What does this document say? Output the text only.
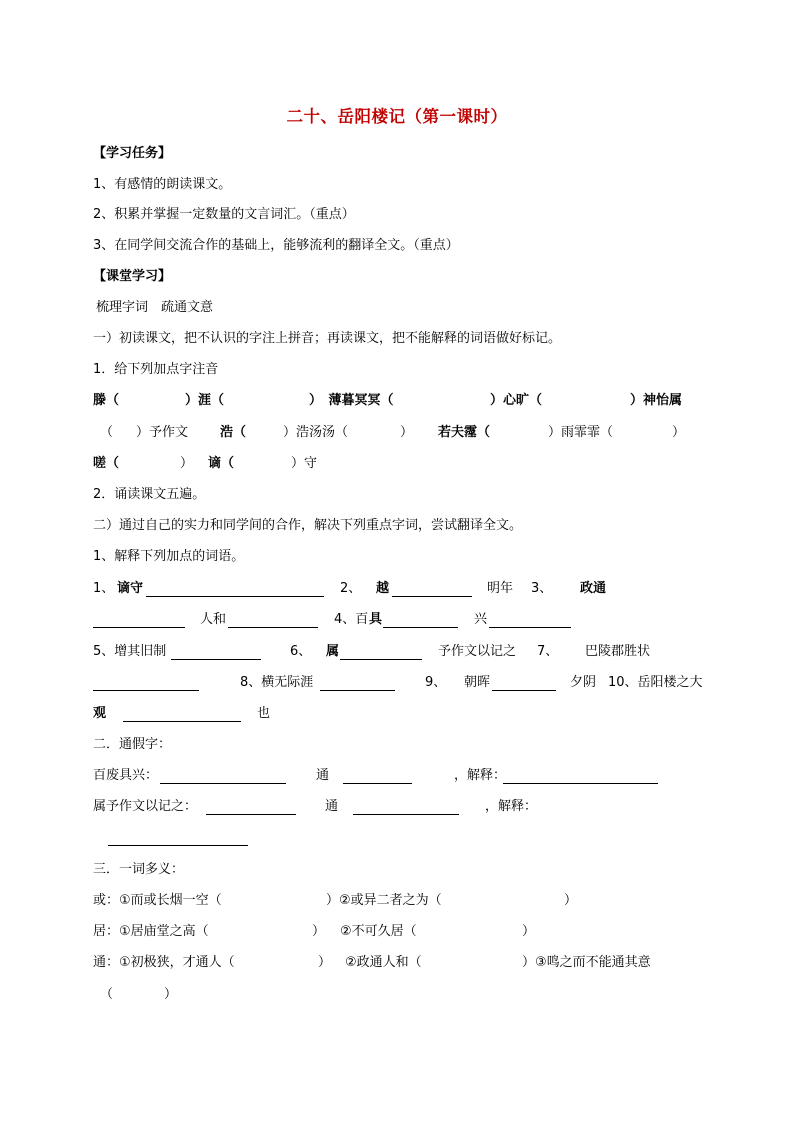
二十、岳阳楼记（第一课时）
【学习任务】
1、有感情的朗读课文。
2、积累并掌握一定数量的文言词汇。（重点）
3、在同学间交流合作的基础上，能够流利的翻译全文。（重点）
【课堂学习】
梳理字词　疏通文意
一）初读课文，把不认识的字注上拼音；再读课文，把不能解释的词语做好标记。
1．给下列加点字注音
滕（	）涯（	）　薄暮冥冥（	）心旷（	）神怡属
（ ）予作文 浩（	）浩汤汤（	） 若夫霪（	）雨霏霏（	）
嗟（	） 谪（	）守
2．诵读课文五遍。
二）通过自己的实力和同学间的合作，解决下列重点字词，尝试翻译全文。
1、解释下列加点的词语。
1、 谪守	2、 越	明年 3、 政通
人和	4、百 具	兴
5、增其旧制	6、 属	予作文以记之 7、 巴陵郡胜状
8、横无际涯	9、 朝晖	夕阴 10、岳阳楼之大
观	也
二．通假字：
百废具兴：	通	，解释：
属予作文以记之：	通	，解释：
三．一词多义：
或：①而或长烟一空（	）②或异二者之为（	）
居：①居庙堂之高（	） ②不可久居（	）
通：①初极狭，才通人（	） ②政通人和（	）③鸣之而不能通其意
（	）
